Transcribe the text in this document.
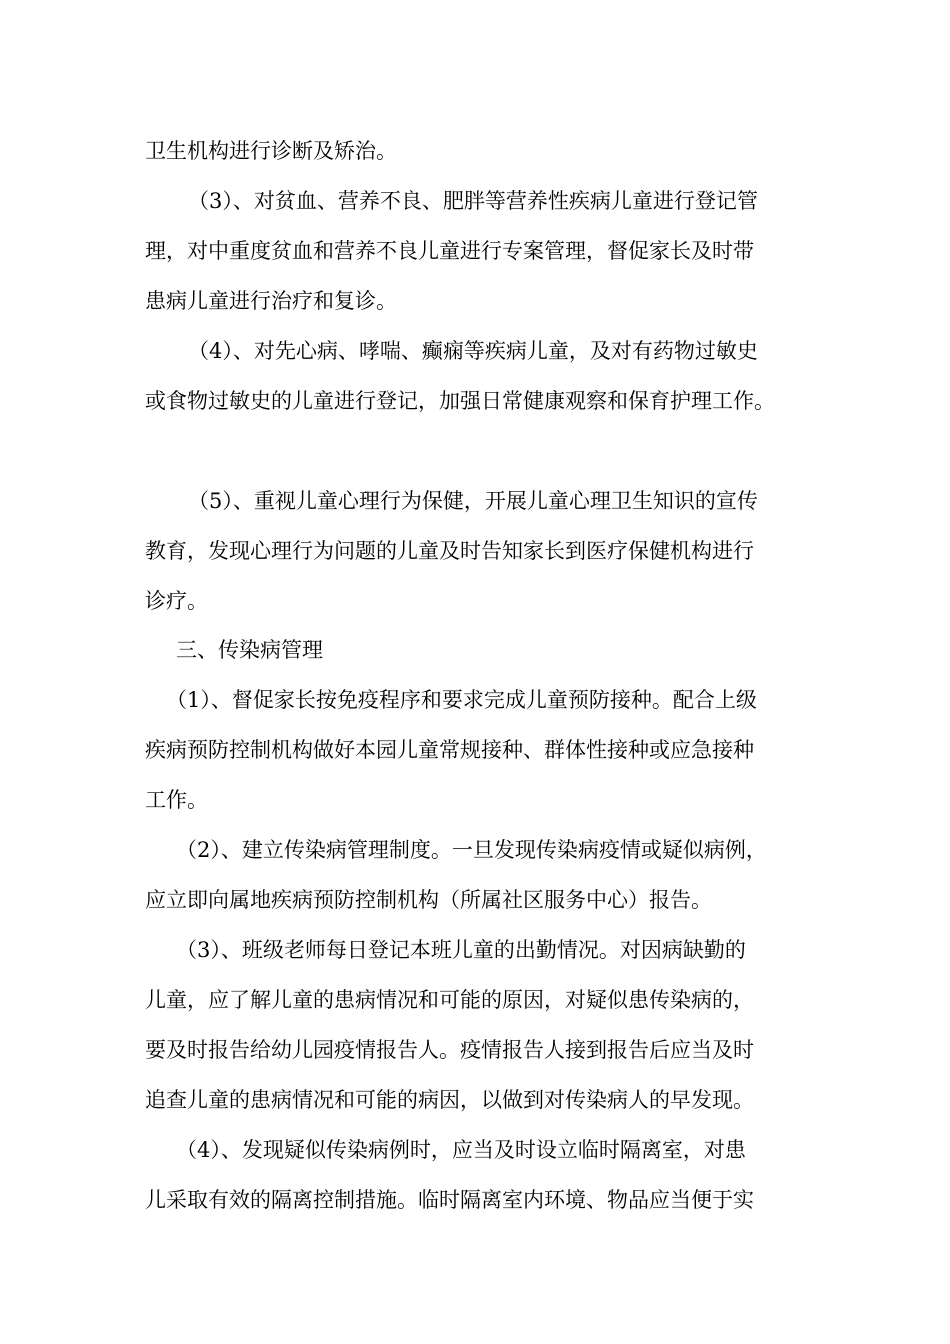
卫生机构进行诊断及矫治。
（3）、对贫血、营养不良、肥胖等营养性疾病儿童进行登记管
理，对中重度贫血和营养不良儿童进行专案管理，督促家长及时带
患病儿童进行治疗和复诊。
（4）、对先心病、哮喘、癫痫等疾病儿童，及对有药物过敏史
或食物过敏史的儿童进行登记，加强日常健康观察和保育护理工作。
（5）、重视儿童心理行为保健，开展儿童心理卫生知识的宣传
教育，发现心理行为问题的儿童及时告知家长到医疗保健机构进行
诊疗。
三、传染病管理
（1）、督促家长按免疫程序和要求完成儿童预防接种。配合上级
疾病预防控制机构做好本园儿童常规接种、群体性接种或应急接种
工作。
（2）、建立传染病管理制度。一旦发现传染病疫情或疑似病例，
应立即向属地疾病预防控制机构（所属社区服务中心）报告。
（3）、班级老师每日登记本班儿童的出勤情况。对因病缺勤的
儿童，应了解儿童的患病情况和可能的原因，对疑似患传染病的，
要及时报告给幼儿园疫情报告人。疫情报告人接到报告后应当及时
追查儿童的患病情况和可能的病因，以做到对传染病人的早发现。
（4）、发现疑似传染病例时，应当及时设立临时隔离室，对患
儿采取有效的隔离控制措施。临时隔离室内环境、物品应当便于实
